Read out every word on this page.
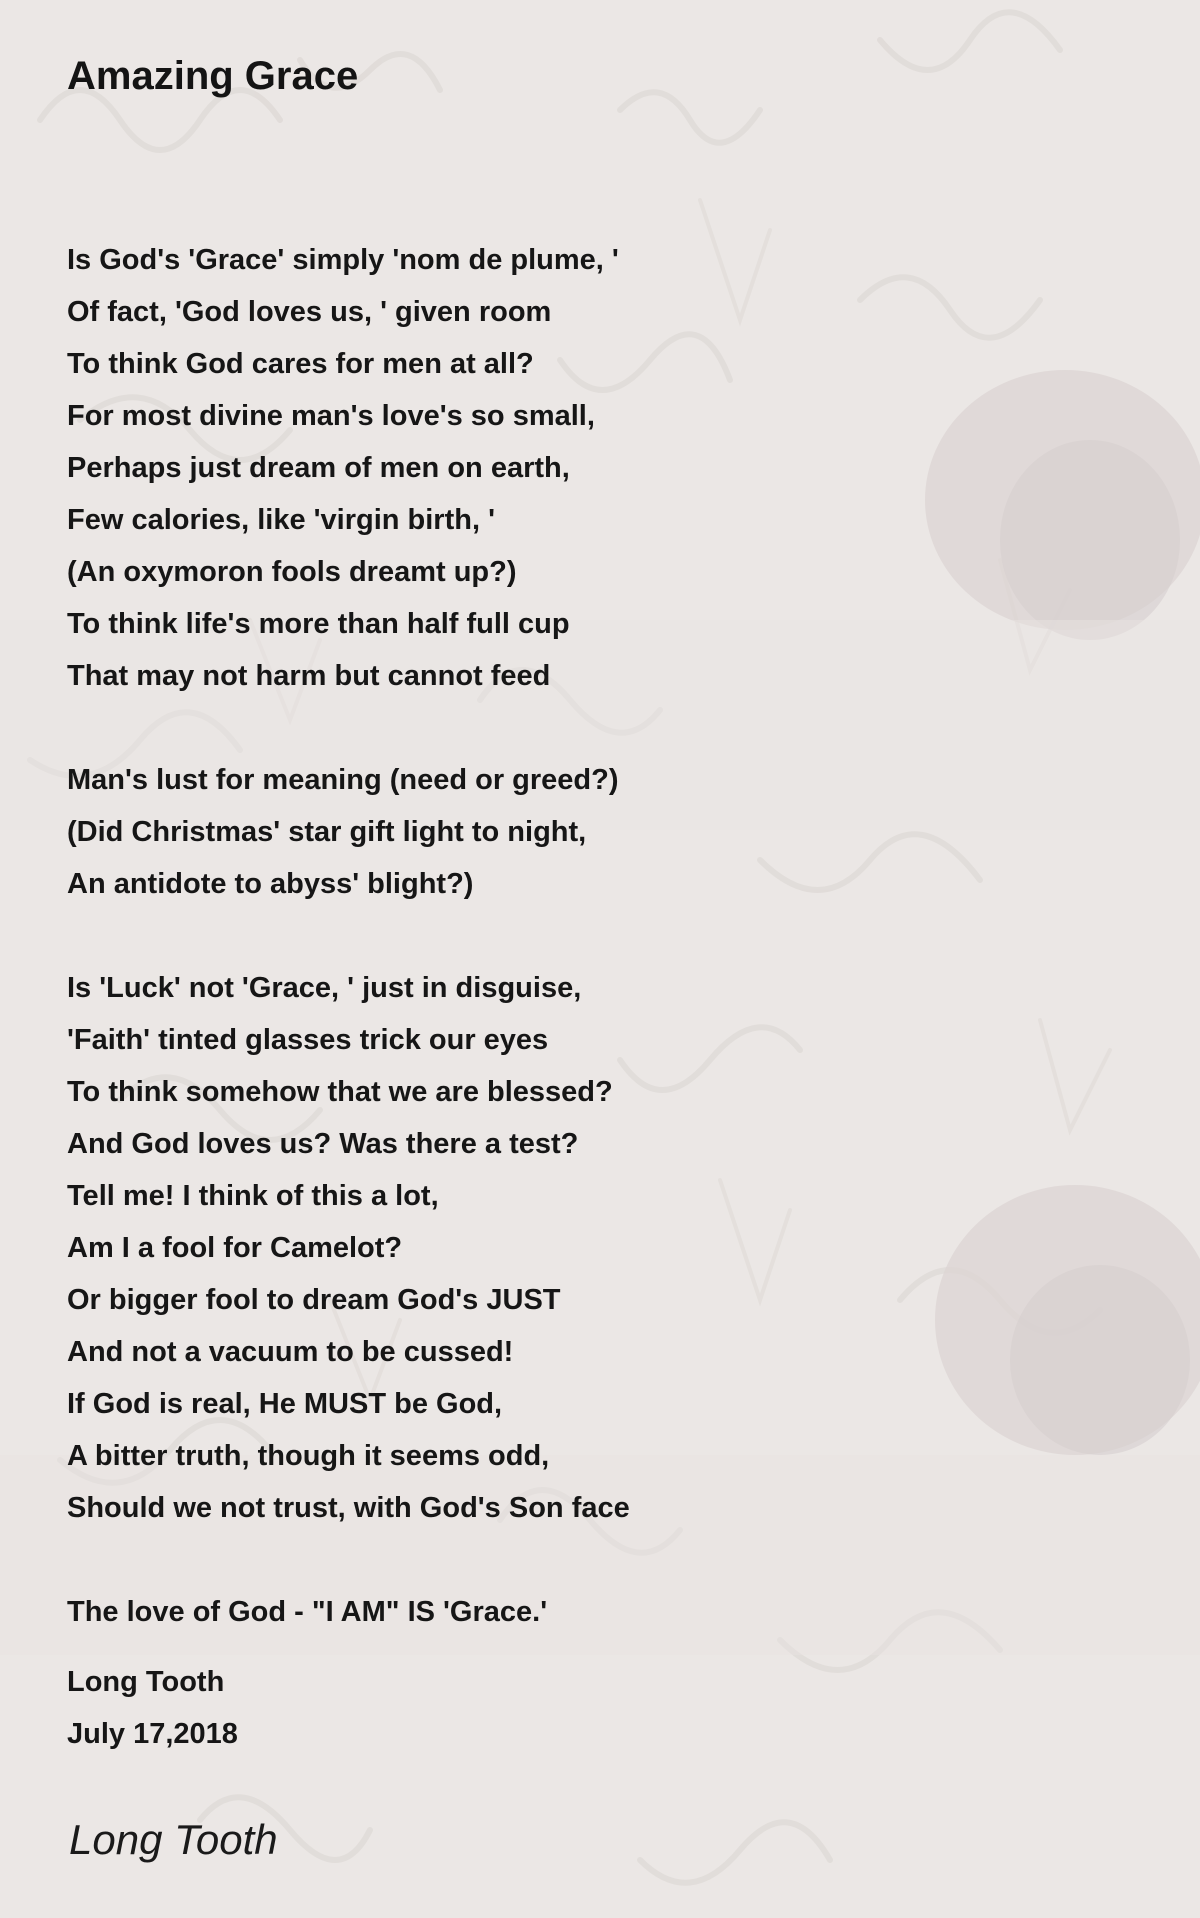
Amazing Grace
Is God's 'Grace' simply 'nom de plume, '
Of fact, 'God loves us, ' given room
To think God cares for men at all?
For most divine man's love's so small,
Perhaps just dream of men on earth,
Few calories, like 'virgin birth, '
(An oxymoron fools dreamt up?)
To think life's more than half full cup
That may not harm but cannot feed
Man's lust for meaning (need or greed?)
(Did Christmas' star gift light to night,
An antidote to abyss' blight?)
Is 'Luck' not 'Grace, ' just in disguise,
'Faith' tinted glasses trick our eyes
To think somehow that we are blessed?
And God loves us? Was there a test?
Tell me! I think of this a lot,
Am I a fool for Camelot?
Or bigger fool to dream God's JUST
And not a vacuum to be cussed!
If God is real, He MUST be God,
A bitter truth, though it seems odd,
Should we not trust, with God's Son face
The love of God - "I AM" IS 'Grace.'
Long Tooth
July 17,2018
Long Tooth
